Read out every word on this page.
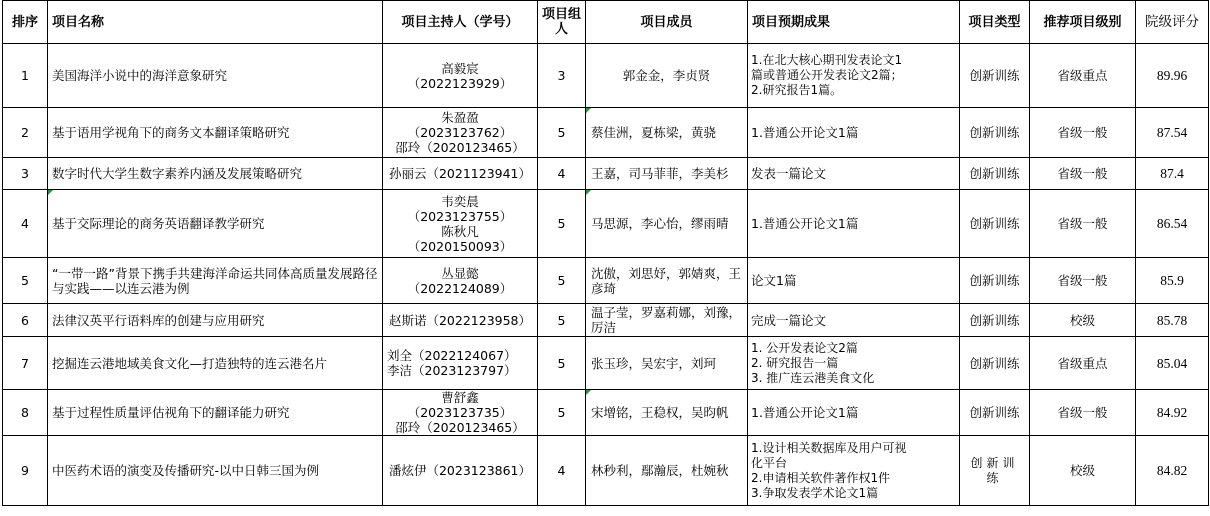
排序	项目名称	项目主持人（学号）	项目组人	项目成员	项目预期成果	项目类型	推荐项目级别	院级评分
1	美国海洋小说中的海洋意象研究	高毅宸
（2022123929）	3	郭金金，李贞贤	1.在北大核心期刊发表论文1
篇或普通公开发表论文2篇；
2.研究报告1篇。	创新训练	省级重点	89.96
2	基于语用学视角下的商务文本翻译策略研究	朱盈盈
（2023123762）
邵玲（2020123465）	5	蔡佳洲，夏栋梁，黄骁	1.普通公开论文1篇	创新训练	省级一般	87.54
3	数字时代大学生数字素养内涵及发展策略研究	孙丽云（2021123941）	4	王嘉，司马菲菲，李美杉	发表一篇论文	创新训练	省级一般	87.4
4	基于交际理论的商务英语翻译教学研究	韦奕晨
（2023123755）
陈秋凡
（2020150093）	5	马思源，李心怡，缪雨晴	1.普通公开论文1篇	创新训练	省级一般	86.54
5	“一带一路”背景下携手共建海洋命运共同体高质量发展路径与实践——以连云港为例	丛显懿
（2022124089）	5	沈傲，刘思妤，郭婧爽，王彦琦	论文1篇	创新训练	省级一般	85.9
6	法律汉英平行语料库的创建与应用研究	赵斯诺（2022123958）	5	温子莹，罗嘉莉娜，刘豫，厉洁	完成一篇论文	创新训练	校级	85.78
7	挖掘连云港地域美食文化—打造独特的连云港名片	刘全（2022124067）
李洁（2023123797）	5	张玉珍，吴宏宇，刘珂	1. 公开发表论文2篇
2. 研究报告一篇
3. 推广连云港美食文化	创新训练	省级重点	85.04
8	基于过程性质量评估视角下的翻译能力研究	曹舒鑫
（2023123735）
邵玲（2020123465）	5	宋增铭，王稳权，吴昀帆	1.普通公开论文1篇	创新训练	省级一般	84.92
9	中医药术语的演变及传播研究-以中日韩三国为例	潘炫伊（2023123861）	4	林秒利，鄢瀚辰，杜婉秋	1.设计相关数据库及用户可视
化平台
2.申请相关软件著作权1件
3.争取发表学术论文1篇	创新训练	校级	84.82
